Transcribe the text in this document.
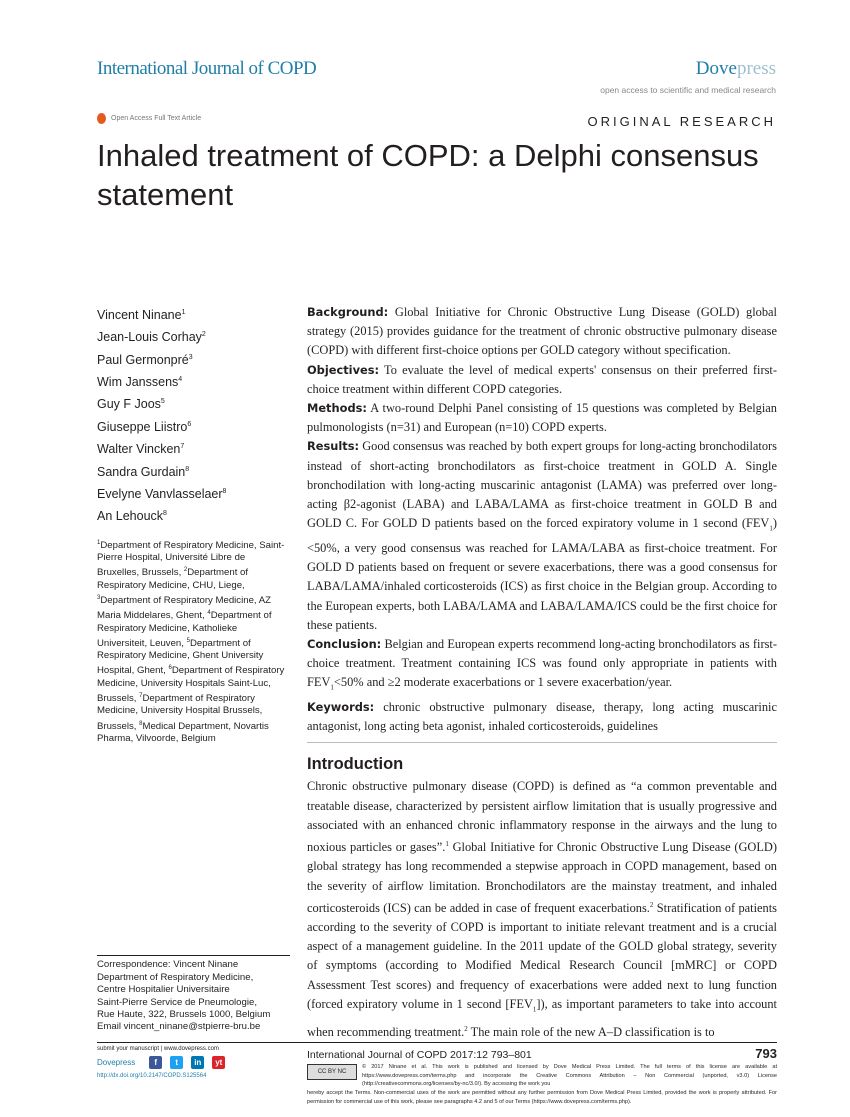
International Journal of COPD	Dovepress
open access to scientific and medical research
Open Access Full Text Article	ORIGINAL RESEARCH
Inhaled treatment of COPD: a Delphi consensus statement
Vincent Ninane$^1$
Jean-Louis Corhay$^2$
Paul Germonpré$^3$
Wim Janssens$^4$
Guy F Joos$^5$
Giuseppe Liistro$^6$
Walter Vincken$^7$
Sandra Gurdain$^8$
Evelyne Vanvlasselaer$^8$
An Lehouck$^8$
$^1$Department of Respiratory Medicine, Saint-Pierre Hospital, Université Libre de Bruxelles, Brussels, $^2$Department of Respiratory Medicine, CHU, Liege, $^3$Department of Respiratory Medicine, AZ Maria Middelares, Ghent, $^4$Department of Respiratory Medicine, Katholieke Universiteit, Leuven, $^5$Department of Respiratory Medicine, Ghent University Hospital, Ghent, $^6$Department of Respiratory Medicine, University Hospitals Saint-Luc, Brussels, $^7$Department of Respiratory Medicine, University Hospital Brussels, Brussels, $^8$Medical Department, Novartis Pharma, Vilvoorde, Belgium
Correspondence: Vincent Ninane
Department of Respiratory Medicine,
Centre Hospitalier Universitaire
Saint-Pierre Service de Pneumologie,
Rue Haute, 322, Brussels 1000, Belgium
Email vincent_ninane@stpierre-bru.be

Background: Global Initiative for Chronic Obstructive Lung Disease (GOLD) global strategy (2015) provides guidance for the treatment of chronic obstructive pulmonary disease (COPD) with different first-choice options per GOLD category without specification.

Objectives: To evaluate the level of medical experts' consensus on their preferred first-choice treatment within different COPD categories.

Methods: A two-round Delphi Panel consisting of 15 questions was completed by Belgian pulmonologists (n=31) and European (n=10) COPD experts.

Results: Good consensus was reached by both expert groups for long-acting bronchodilators instead of short-acting bronchodilators as first-choice treatment in GOLD A. Single bronchodilation with long-acting muscarinic antagonist (LAMA) was preferred over long-acting β2-agonist (LABA) and LABA/LAMA as first-choice treatment in GOLD B and GOLD C. For GOLD D patients based on the forced expiratory volume in 1 second $(FEV_1)<50\%$, a very good consensus was reached for LAMA/LABA as first-choice treatment. For GOLD D patients based on frequent or severe exacerbations, there was a good consensus for LABA/LAMA/inhaled corticosteroids (ICS) as first choice in the Belgian group. According to the European experts, both LABA/LAMA and LABA/LAMA/ICS could be the first choice for these patients.

Conclusion: Belgian and European experts recommend long-acting bronchodilators as first-choice treatment. Treatment containing ICS was found only appropriate in patients with $FEV_1<50\%$ and ≥2 moderate exacerbations or 1 severe exacerbation/year.

Keywords: chronic obstructive pulmonary disease, therapy, long acting muscarinic antagonist, long acting beta agonist, inhaled corticosteroids, guidelines

Introduction

Chronic obstructive pulmonary disease (COPD) is defined as “a common preventable and treatable disease, characterized by persistent airflow limitation that is usually progressive and associated with an enhanced chronic inflammatory response in the airways and the lung to noxious particles or gases”.$^1$ Global Initiative for Chronic Obstructive Lung Disease (GOLD) global strategy has long recommended a stepwise approach in COPD management, based on the severity of airflow limitation. Bronchodilators are the mainstay treatment, and inhaled corticosteroids (ICS) can be added in case of frequent exacerbations.$^2$ Stratification of patients according to the severity of COPD is important to initiate relevant treatment and is a crucial aspect of a management guideline. In the 2011 update of the GOLD global strategy, severity of symptoms (according to Modified Medical Research Council [mMRC] or COPD Assessment Test scores) and frequency of exacerbations were added next to lung function (forced expiratory volume in 1 second $[FEV_1]$), as important parameters to take into account when recommending treatment.$^2$ The main role of the new A–D classification is to

submit your manuscript | www.dovepress.com
Dovepress	f	t	in	yt
http://dx.doi.org/10.2147/COPD.S125564
International Journal of COPD 2017:12 793–801	793
CC BY NC
© 2017 Ninane et al. This work is published and licensed by Dove Medical Press Limited. The full terms of this license are available at https://www.dovepress.com/terms.php and incorporate the Creative Commons Attribution – Non Commercial (unported, v3.0) License (http://creativecommons.org/licenses/by-nc/3.0/). By accessing the work you
hereby accept the Terms. Non-commercial uses of the work are permitted without any further permission from Dove Medical Press Limited, provided the work is properly attributed. For permission for commercial use of this work, please see paragraphs 4.2 and 5 of our Terms (https://www.dovepress.com/terms.php).
